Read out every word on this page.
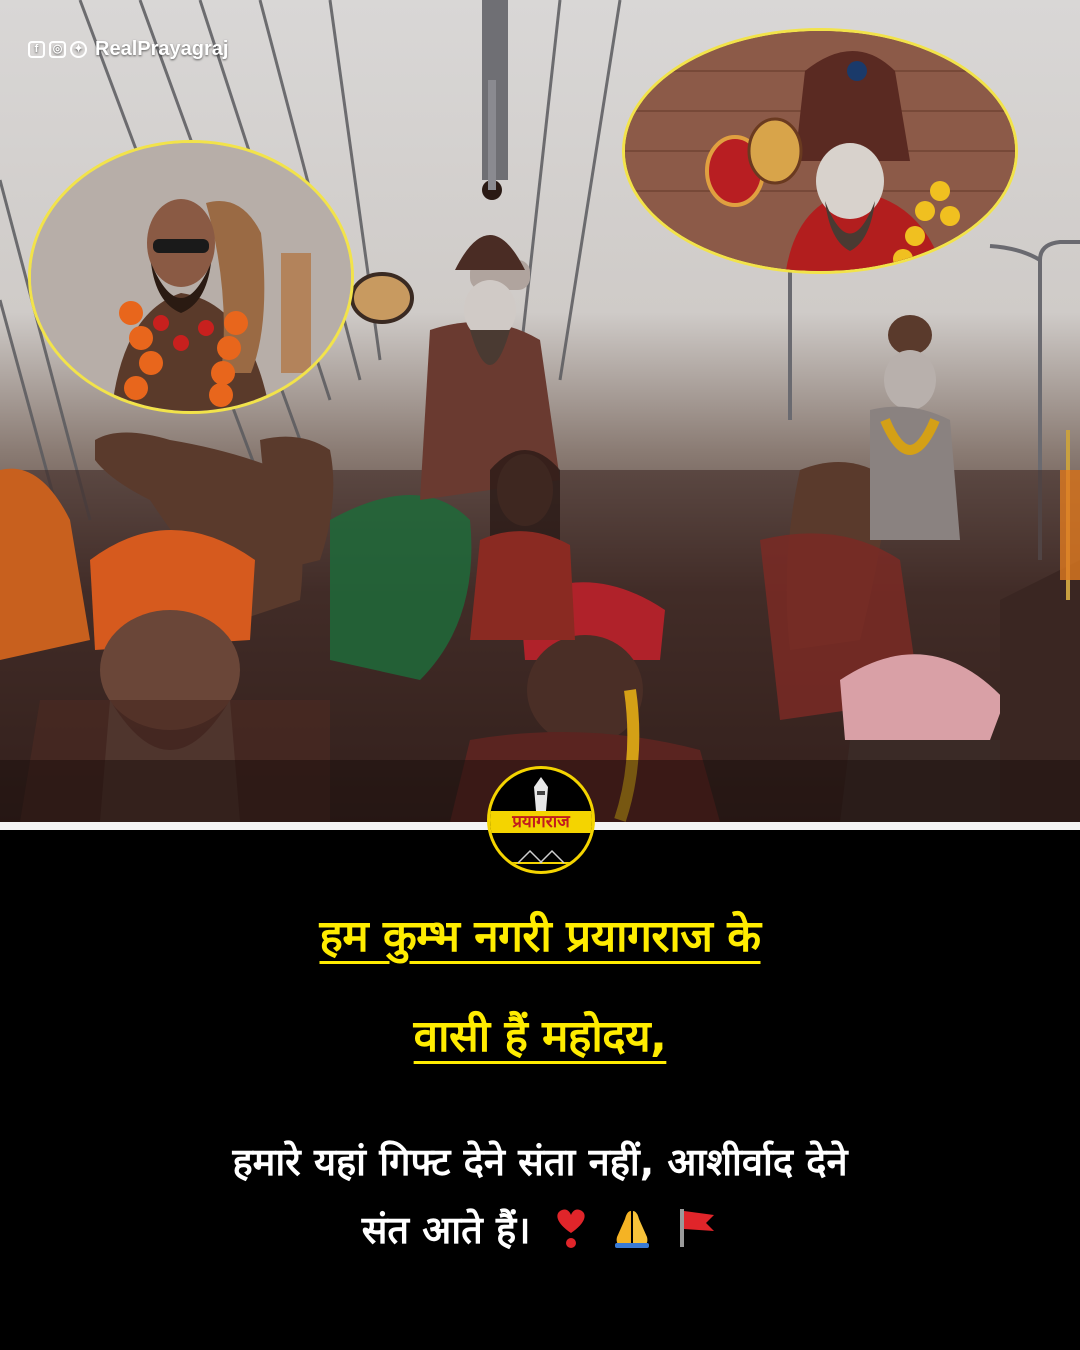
f	◎	✦ RealPrayagraj
प्रयागराज
हम कुम्भ नगरी प्रयागराज के
वासी हैं महोदय,
हमारे यहां गिफ्ट देने संता नहीं, आशीर्वाद देने
संत आते हैं।
